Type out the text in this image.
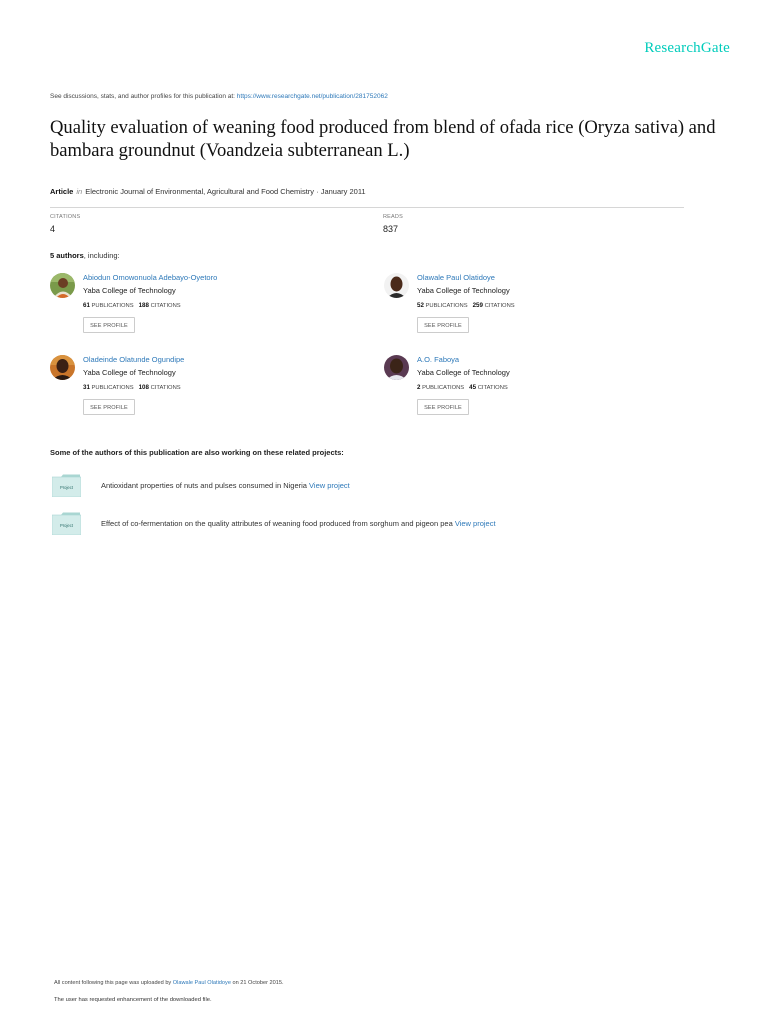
ResearchGate
See discussions, stats, and author profiles for this publication at: https://www.researchgate.net/publication/281752062
Quality evaluation of weaning food produced from blend of ofada rice (Oryza sativa) and bambara groundnut (Voandzeia subterranean L.)
Article in Electronic Journal of Environmental, Agricultural and Food Chemistry · January 2011
CITATIONS
4
READS
837
5 authors, including:
Abiodun Omowonuola Adebayo-Oyetoro
Yaba College of Technology
61 PUBLICATIONS 188 CITATIONS
SEE PROFILE
Olawale Paul Olatidoye
Yaba College of Technology
52 PUBLICATIONS 259 CITATIONS
SEE PROFILE
Oladeinde Olatunde Ogundipe
Yaba College of Technology
31 PUBLICATIONS 108 CITATIONS
SEE PROFILE
A.O. Faboya
Yaba College of Technology
2 PUBLICATIONS 45 CITATIONS
SEE PROFILE
Some of the authors of this publication are also working on these related projects:
Project	Antioxidant properties of nuts and pulses consumed in Nigeria View project
Project	Effect of co-fermentation on the quality attributes of weaning food produced from sorghum and pigeon pea View project
All content following this page was uploaded by Olawale Paul Olatidoye on 21 October 2015.
The user has requested enhancement of the downloaded file.
